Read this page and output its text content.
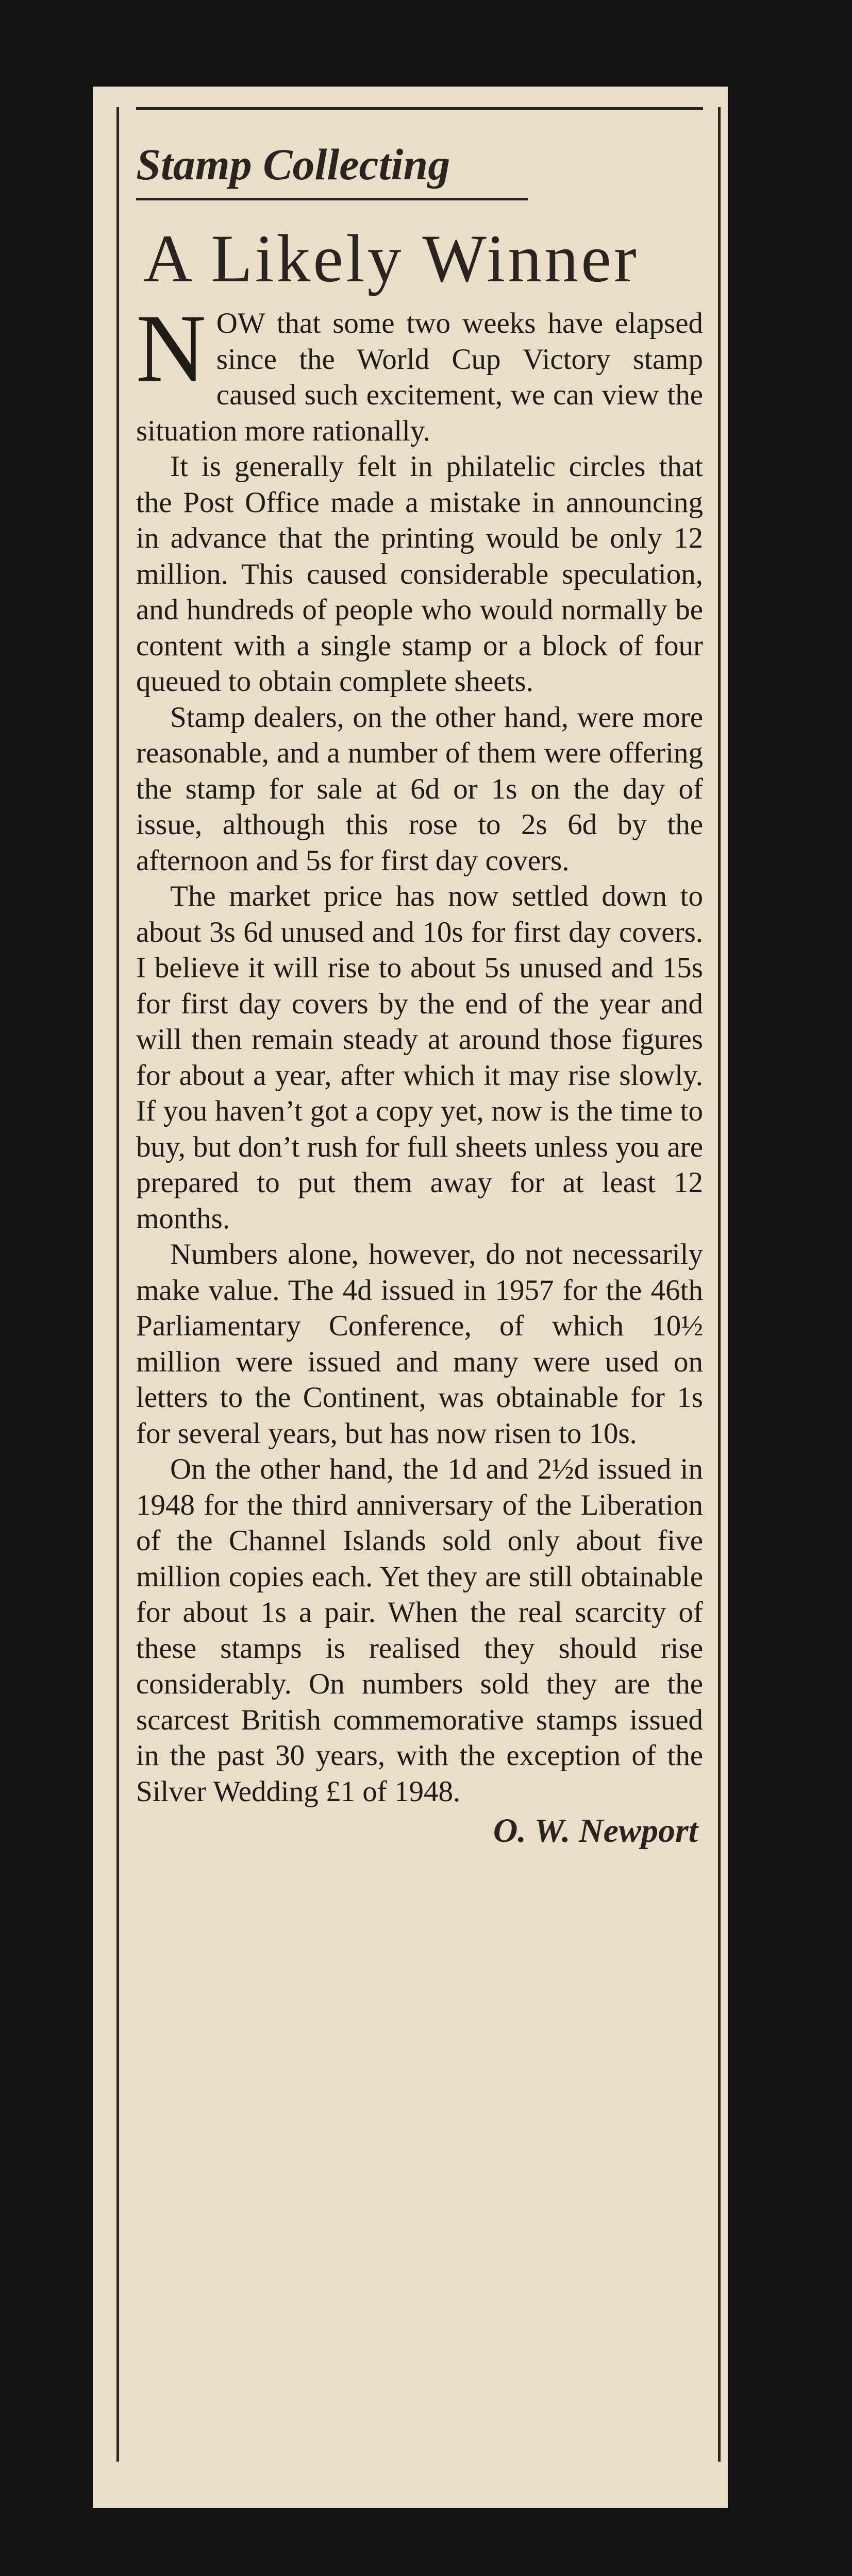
Stamp Collecting
A Likely Winner

NOW that some two weeks have elapsed since the World Cup Victory stamp caused such excitement, we can view the situation more rationally.

It is generally felt in philatelic circles that the Post Office made a mistake in announcing in advance that the printing would be only 12 million. This caused considerable speculation, and hundreds of people who would normally be content with a single stamp or a block of four queued to obtain complete sheets.

Stamp dealers, on the other hand, were more reasonable, and a number of them were offering the stamp for sale at 6d or 1s on the day of issue, although this rose to 2s 6d by the afternoon and 5s for first day covers.

The market price has now settled down to about 3s 6d unused and 10s for first day covers. I believe it will rise to about 5s unused and 15s for first day covers by the end of the year and will then remain steady at around those figures for about a year, after which it may rise slowly. If you haven’t got a copy yet, now is the time to buy, but don’t rush for full sheets unless you are prepared to put them away for at least 12 months.

Numbers alone, however, do not necessarily make value. The 4d issued in 1957 for the 46th Parliamentary Conference, of which 10½ million were issued and many were used on letters to the Continent, was obtainable for 1s for several years, but has now risen to 10s.

On the other hand, the 1d and 2½d issued in 1948 for the third anniversary of the Liberation of the Channel Islands sold only about five million copies each. Yet they are still obtainable for about 1s a pair. When the real scarcity of these stamps is realised they should rise considerably. On numbers sold they are the scarcest British commemorative stamps issued in the past 30 years, with the exception of the Silver Wedding £1 of 1948.

O. W. Newport
